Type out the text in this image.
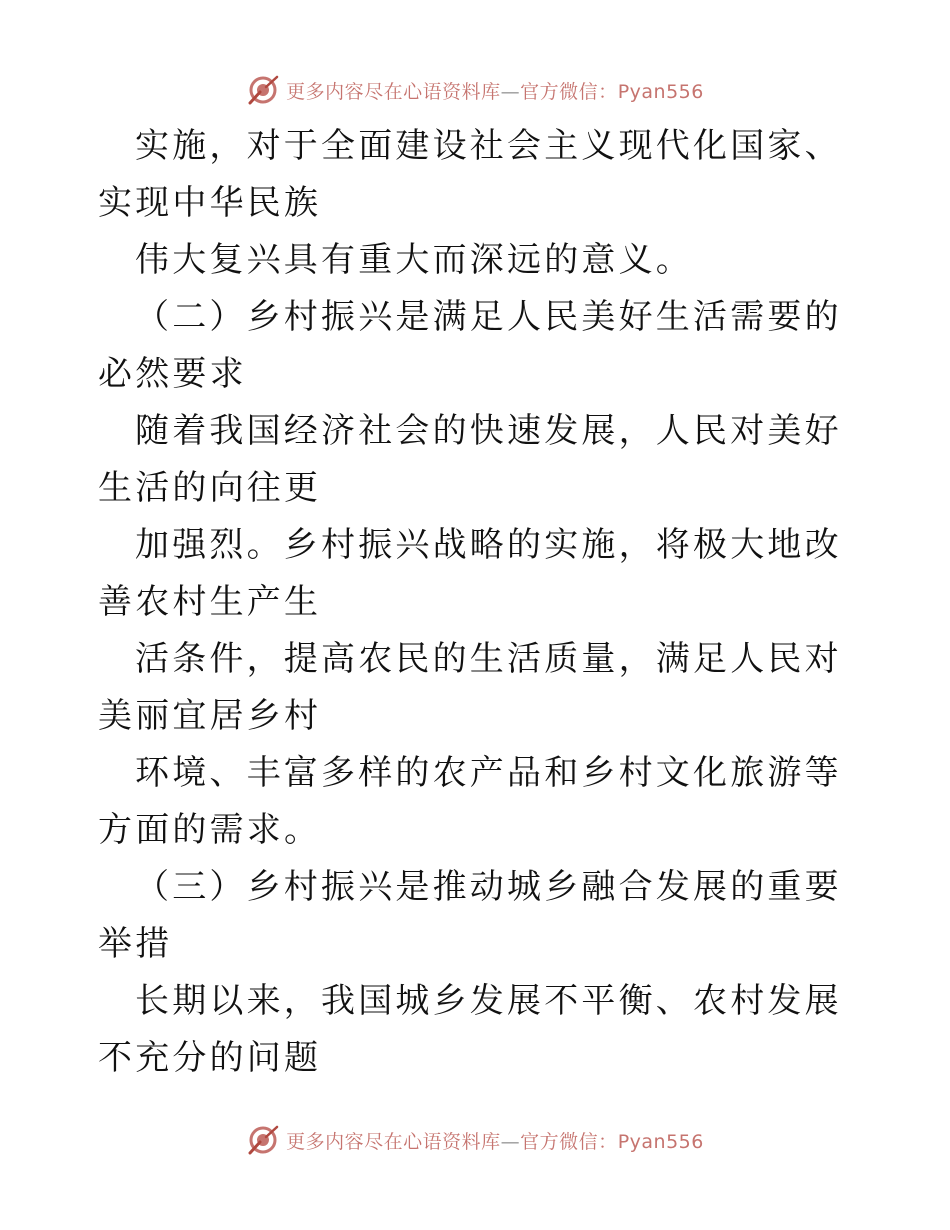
更多内容尽在心语资料库—官方微信：Pyan556

实施，对于全面建设社会主义现代化国家、实现中华民族

伟大复兴具有重大而深远的意义。

（二）乡村振兴是满足人民美好生活需要的必然要求

随着我国经济社会的快速发展，人民对美好生活的向往更

加强烈。乡村振兴战略的实施，将极大地改善农村生产生

活条件，提高农民的生活质量，满足人民对美丽宜居乡村

环境、丰富多样的农产品和乡村文化旅游等方面的需求。

（三）乡村振兴是推动城乡融合发展的重要举措

长期以来，我国城乡发展不平衡、农村发展不充分的问题

更多内容尽在心语资料库—官方微信：Pyan556
